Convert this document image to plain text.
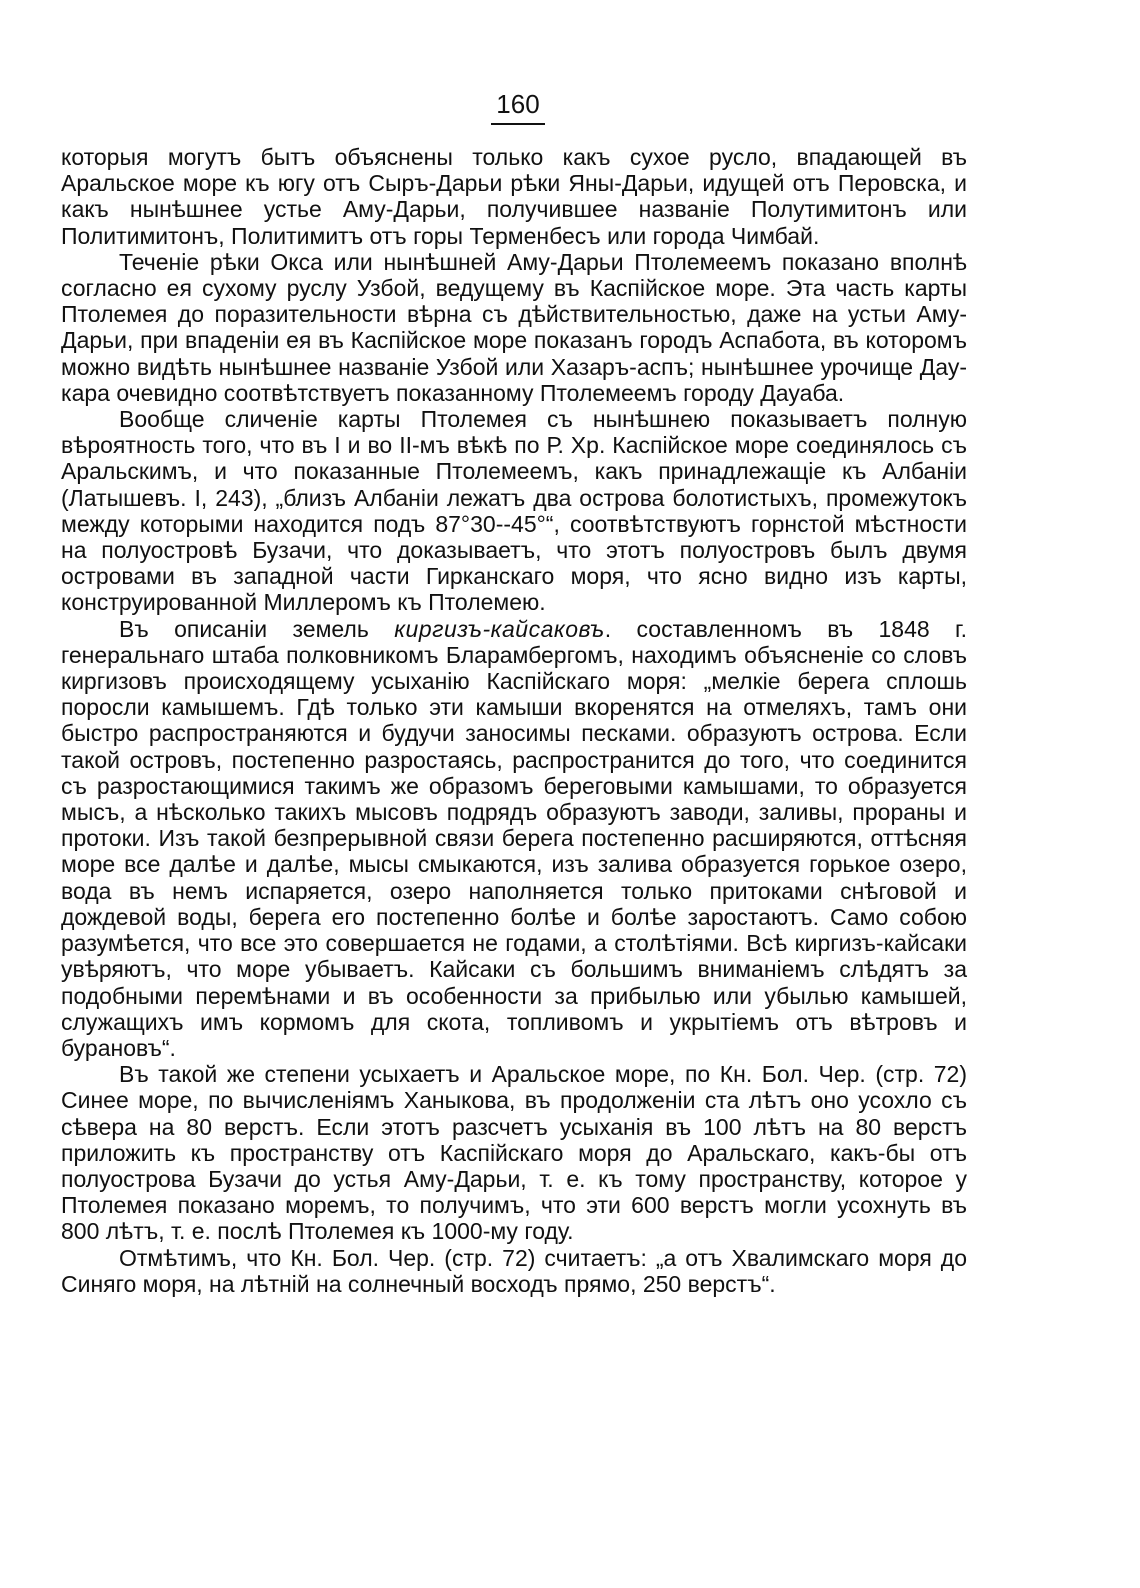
160

которыя могутъ бытъ объяснены только какъ сухое русло, впадающей въ Аральское море къ югу отъ Сыръ-Дарьи рѣки Яны-Дарьи, идущей отъ Перовска, и какъ нынѣшнее устье Аму-Дарьи, получившее названіе Полутимитонъ или Политимитонъ, Политимитъ отъ горы Терменбесъ или города Чимбай.

Теченіе рѣки Окса или нынѣшней Аму-Дарьи Птолемеемъ показано вполнѣ согласно ея сухому руслу Узбой, ведущему въ Каспійское море. Эта часть карты Птолемея до поразительности вѣрна съ дѣйствительностью, даже на устьи Аму-Дарьи, при впаденіи ея въ Каспійское море показанъ городъ Аспабота, въ которомъ можно видѣть нынѣшнее названіе Узбой или Хазаръ-аспъ; нынѣшнее урочище Дау-кара очевидно соотвѣтствуетъ показанному Птолемеемъ городу Дауаба.

Вообще сличеніе карты Птолемея съ нынѣшнею показываетъ полную вѣроятность того, что въ I и во II-мъ вѣкѣ по Р. Хр. Каспійское море соединялось съ Аральскимъ, и что показанные Птолемеемъ, какъ принадлежащіе къ Албаніи (Латышевъ. I, 243), „близъ Албаніи лежатъ два острова болотистыхъ, промежутокъ между которыми находится подъ 87°30--45°“, соотвѣтствуютъ горнстой мѣстности на полуостровѣ Бузачи, что доказываетъ, что этотъ полуостровъ былъ двумя островами въ западной части Гирканскаго моря, что ясно видно изъ карты, конструированной Миллеромъ къ Птолемею.

Въ описаніи земель киргизъ-кайсаковъ. составленномъ въ 1848 г. генеральнаго штаба полковникомъ Бларамбергомъ, находимъ объясненіе со словъ киргизовъ происходящему усыханію Каспійскаго моря: „мелкіе берега сплошь поросли камышемъ. Гдѣ только эти камыши вкоренятся на отмеляхъ, тамъ они быстро распространяются и будучи заносимы песками. образуютъ острова. Если такой островъ, постепенно разростаясь, распространится до того, что соединится съ разростающимися такимъ же образомъ береговыми камышами, то образуется мысъ, а нѣсколько такихъ мысовъ подрядъ образуютъ заводи, заливы, прораны и протоки. Изъ такой безпрерывной связи берега постепенно расширяются, оттѣсняя море все далѣе и далѣе, мысы смыкаются, изъ залива образуется горькое озеро, вода въ немъ испаряется, озеро наполняется только притоками снѣговой и дождевой воды, берега его постепенно болѣе и болѣе заростаютъ. Само собою разумѣется, что все это совершается не годами, а столѣтіями. Всѣ киргизъ-кайсаки увѣряютъ, что море убываетъ. Кайсаки съ большимъ вниманіемъ слѣдятъ за подобными перемѣнами и въ особенности за прибылью или убылью камышей, служащихъ имъ кормомъ для скота, топливомъ и укрытіемъ отъ вѣтровъ и бурановъ“.

Въ такой же степени усыхаетъ и Аральское море, по Кн. Бол. Чер. (стр. 72) Синее море, по вычисленіямъ Ханыкова, въ продолженіи ста лѣтъ оно усохло съ сѣвера на 80 верстъ. Если этотъ разсчетъ усыханія въ 100 лѣтъ на 80 верстъ приложить къ пространству отъ Каспійскаго моря до Аральскаго, какъ-бы отъ полуострова Бузачи до устья Аму-Дарьи, т. е. къ тому пространству, которое у Птолемея показано моремъ, то получимъ, что эти 600 верстъ могли усохнуть въ 800 лѣтъ, т. е. послѣ Птолемея къ 1000-му году.

Отмѣтимъ, что Кн. Бол. Чер. (стр. 72) считаетъ: „а отъ Хвалимскаго моря до Синяго моря, на лѣтній на солнечный восходъ прямо, 250 верстъ“.
